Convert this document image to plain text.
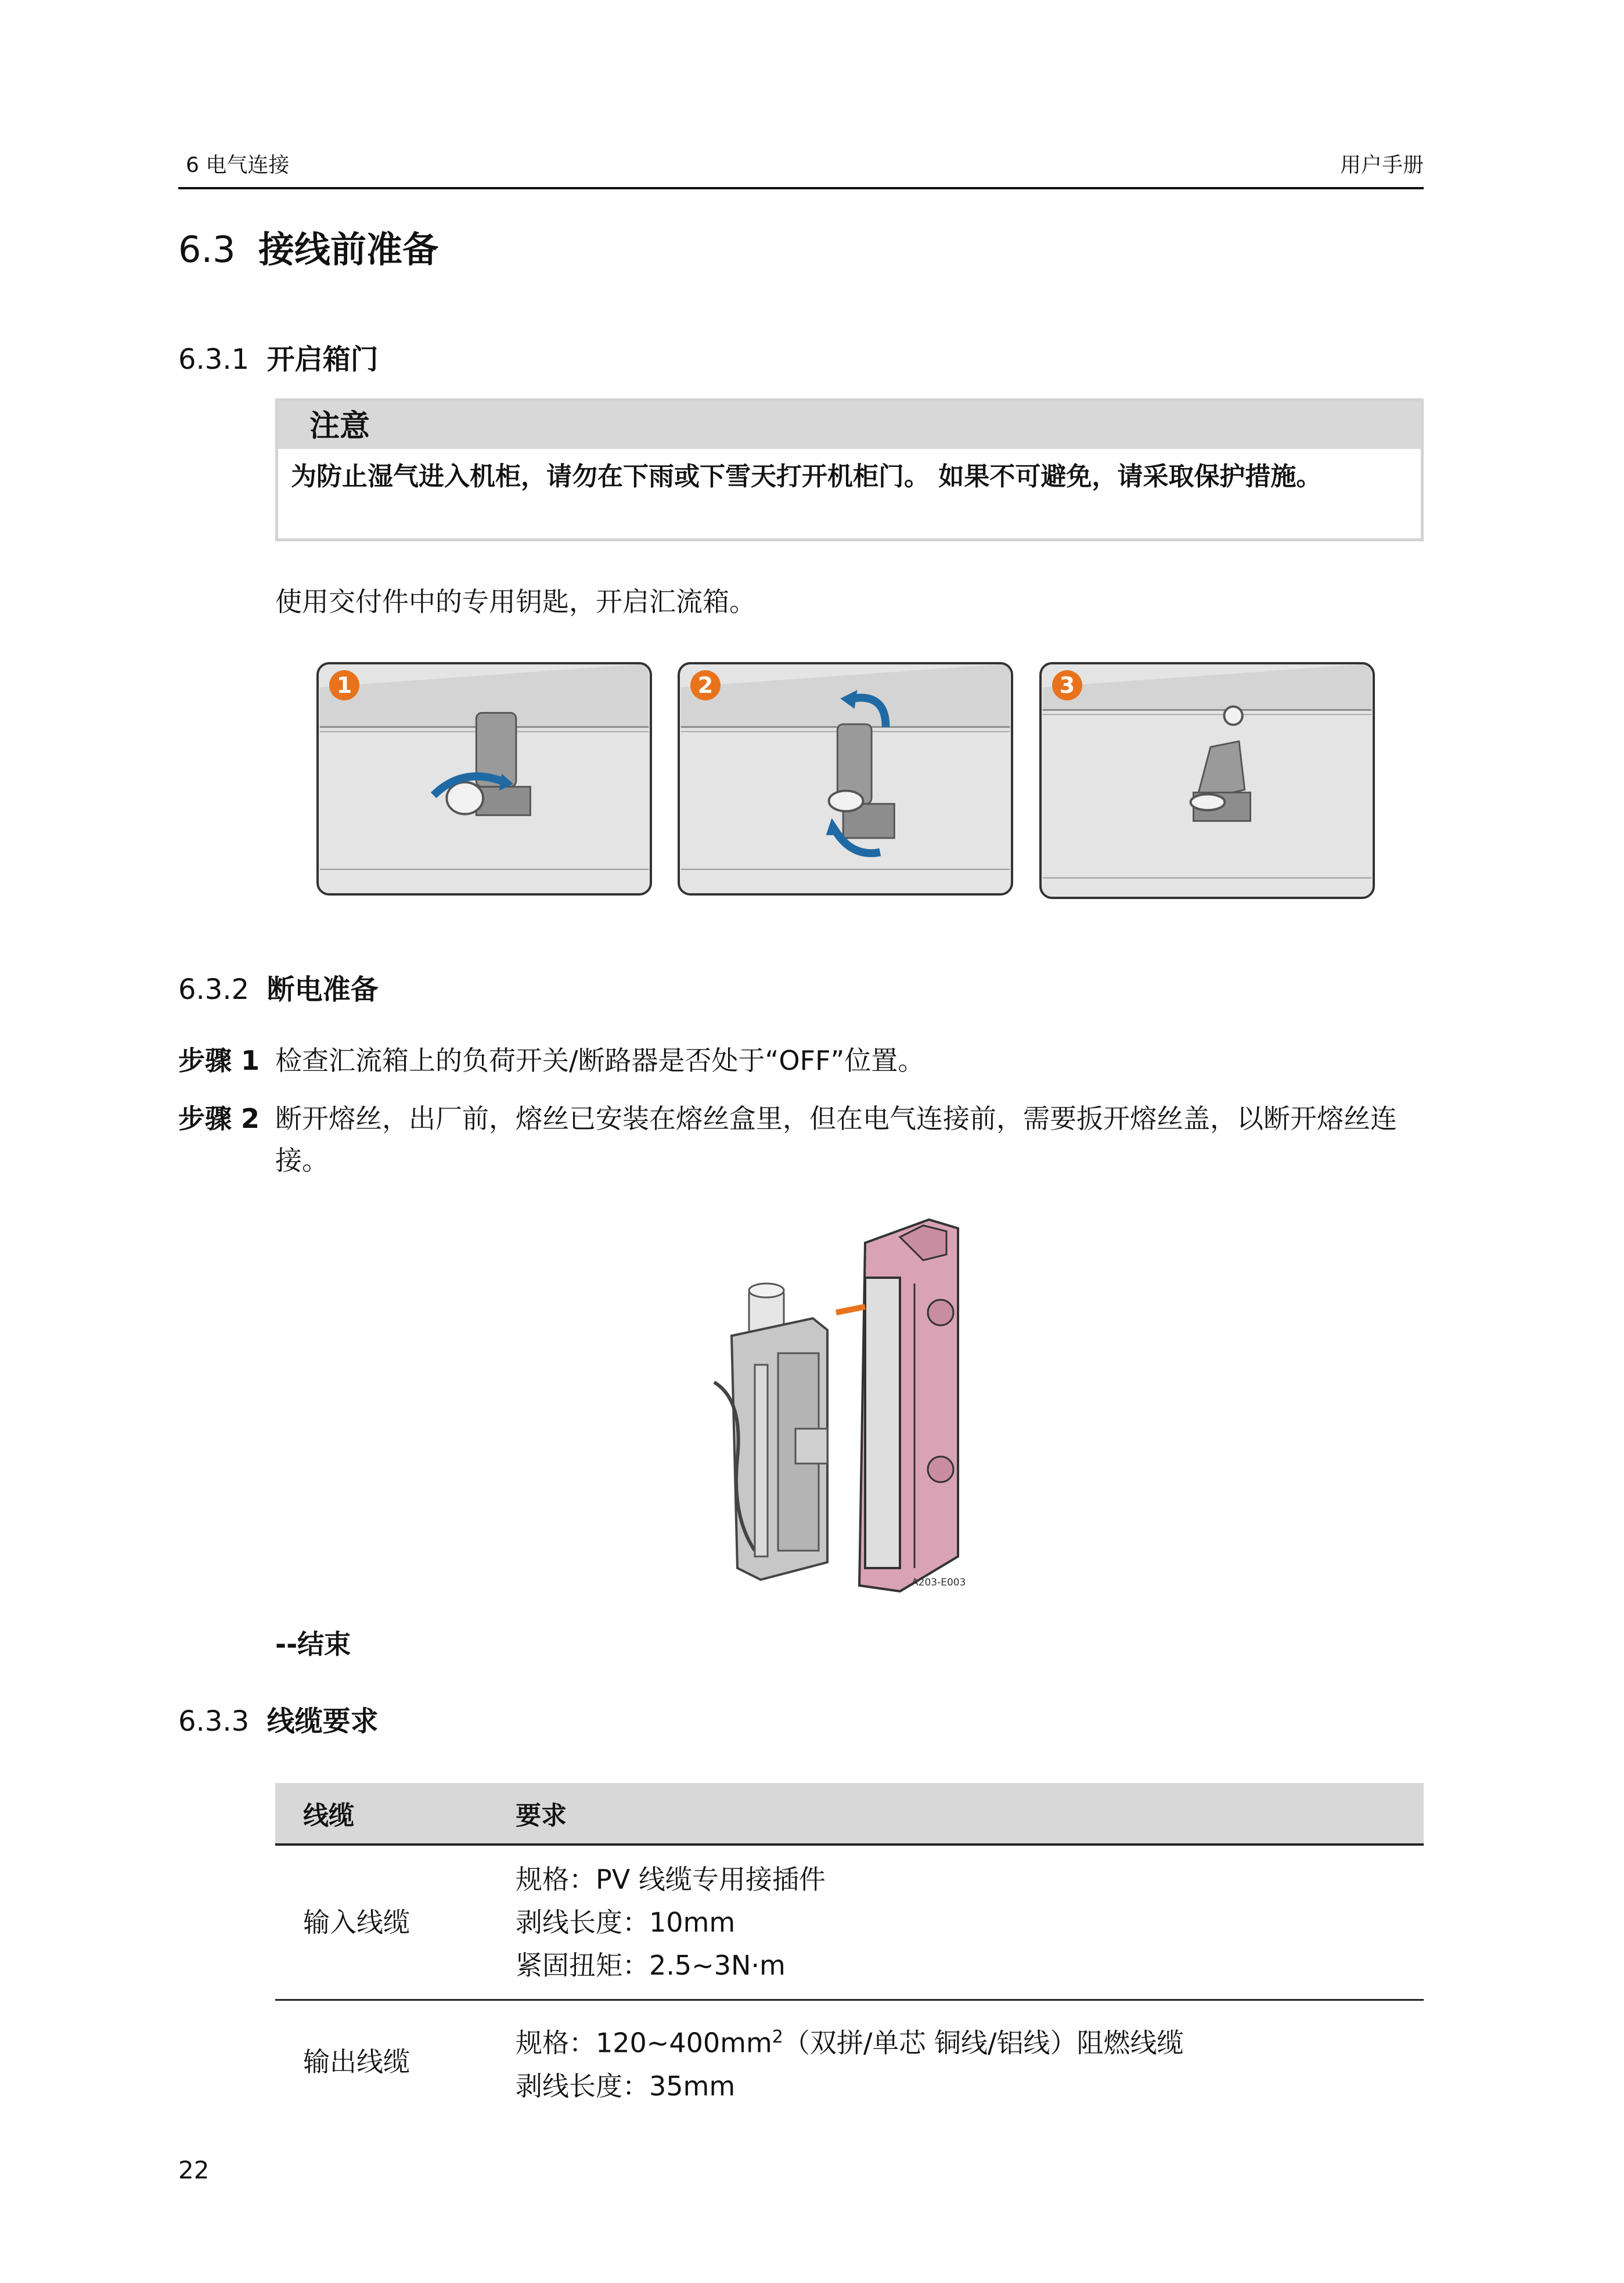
6 电气连接	用户手册
6.3 接线前准备
6.3.1 开启箱门
注意
为防止湿气进入机柜，请勿在下雨或下雪天打开机柜门。 如果不可避免，请采取保护措施。
使用交付件中的专用钥匙，开启汇流箱。
1	2	3
6.3.2 断电准备
步骤 1 检查汇流箱上的负荷开关/断路器是否处于“OFF”位置。
步骤 2 断开熔丝，出厂前，熔丝已安装在熔丝盒里，但在电气连接前，需要扳开熔丝盖，以断开熔丝连接。
A203-E003
--结束
6.3.3 线缆要求
线缆	要求
输入线缆	规格：PV 线缆专用接插件
剥线长度：10mm
紧固扭矩：2.5~3N·m

输出线缆	规格：$120\sim 400mm^2$（双拼/单芯 铜线/铝线）阻燃线缆
剥线长度：35mm
22
